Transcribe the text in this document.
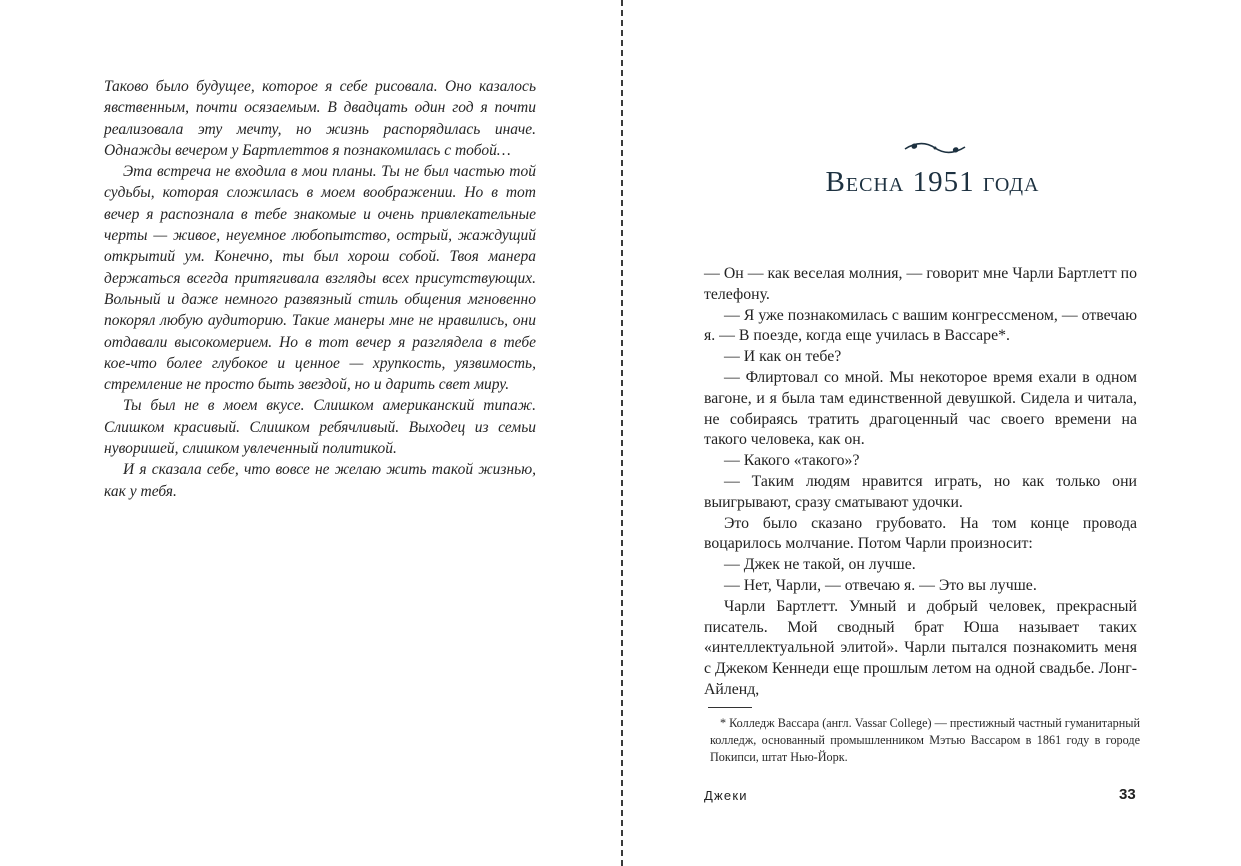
Таково было будущее, которое я себе рисовала. Оно казалось явственным, почти осязаемым. В двадцать один год я почти реализовала эту мечту, но жизнь распорядилась иначе. Однажды вечером у Бартлеттов я познакомилась с тобой…

Эта встреча не входила в мои планы. Ты не был частью той судьбы, которая сложилась в моем воображении. Но в тот вечер я распознала в тебе знакомые и очень привлекательные черты — живое, неуемное любопытство, острый, жаждущий открытий ум. Конечно, ты был хорош собой. Твоя манера держаться всегда притягивала взгляды всех присутствующих. Вольный и даже немного развязный стиль общения мгновенно покорял любую аудиторию. Такие манеры мне не нравились, они отдавали высокомерием. Но в тот вечер я разглядела в тебе кое-что более глубокое и ценное — хрупкость, уязвимость, стремление не просто быть звездой, но и дарить свет миру.

Ты был не в моем вкусе. Слишком американский типаж. Слишком красивый. Слишком ребячливый. Выходец из семьи нуворишей, слишком увлеченный политикой.

И я сказала себе, что вовсе не желаю жить такой жизнью, как у тебя.

Весна 1951 года

— Он — как веселая молния, — говорит мне Чарли Бартлетт по телефону.

— Я уже познакомилась с вашим конгрессменом, — отвечаю я. — В поезде, когда еще училась в Вассаре*.

— И как он тебе?

— Флиртовал со мной. Мы некоторое время ехали в одном вагоне, и я была там единственной девушкой. Сидела и читала, не собираясь тратить драгоценный час своего времени на такого человека, как он.

— Какого «такого»?

— Таким людям нравится играть, но как только они выигрывают, сразу сматывают удочки.

Это было сказано грубовато. На том конце провода воцарилось молчание. Потом Чарли произносит:

— Джек не такой, он лучше.

— Нет, Чарли, — отвечаю я. — Это вы лучше.

Чарли Бартлетт. Умный и добрый человек, прекрасный писатель. Мой сводный брат Юша называет таких «интеллектуальной элитой». Чарли пытался познакомить меня с Джеком Кеннеди еще прошлым летом на одной свадьбе. Лонг-Айленд,

* Колледж Вассара (англ. Vassar College) — престижный частный гуманитарный колледж, основанный промышленником Мэтью Вассаром в 1861 году в городе Покипси, штат Нью-Йорк.

Джеки	33
